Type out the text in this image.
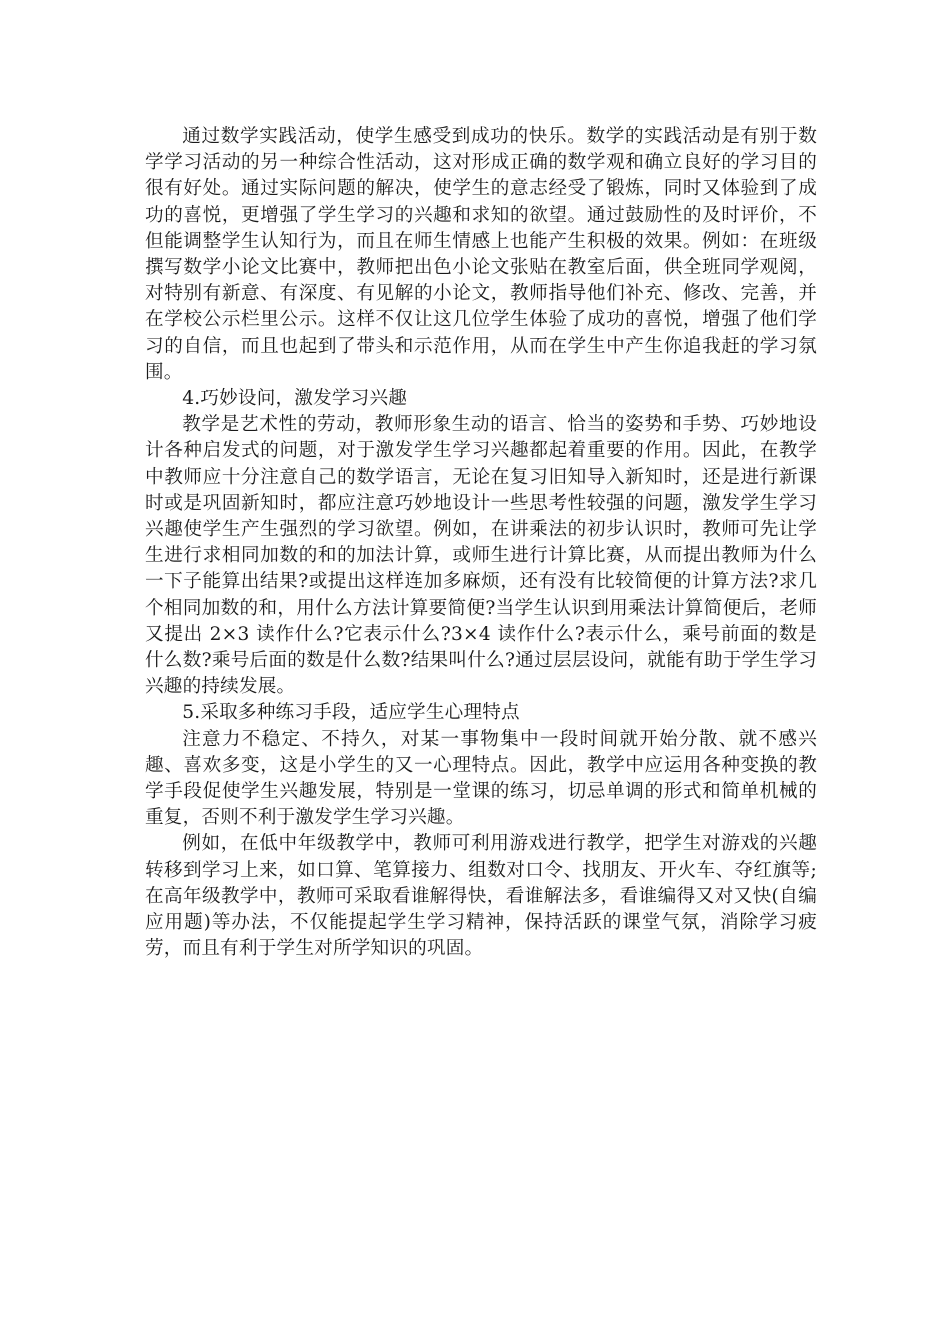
通过数学实践活动，使学生感受到成功的快乐。数学的实践活动是有别于数学学习活动的另一种综合性活动，这对形成正确的数学观和确立良好的学习目的很有好处。通过实际问题的解决，使学生的意志经受了锻炼，同时又体验到了成功的喜悦，更增强了学生学习的兴趣和求知的欲望。通过鼓励性的及时评价，不但能调整学生认知行为，而且在师生情感上也能产生积极的效果。例如：在班级撰写数学小论文比赛中，教师把出色小论文张贴在教室后面，供全班同学观阅，对特别有新意、有深度、有见解的小论文，教师指导他们补充、修改、完善，并在学校公示栏里公示。这样不仅让这几位学生体验了成功的喜悦，增强了他们学习的自信，而且也起到了带头和示范作用，从而在学生中产生你追我赶的学习氛围。

4.巧妙设问，激发学习兴趣

教学是艺术性的劳动，教师形象生动的语言、恰当的姿势和手势、巧妙地设计各种启发式的问题，对于激发学生学习兴趣都起着重要的作用。因此，在教学中教师应十分注意自己的数学语言，无论在复习旧知导入新知时，还是进行新课时或是巩固新知时，都应注意巧妙地设计一些思考性较强的问题，激发学生学习兴趣使学生产生强烈的学习欲望。例如，在讲乘法的初步认识时，教师可先让学生进行求相同加数的和的加法计算，或师生进行计算比赛，从而提出教师为什么一下子能算出结果?或提出这样连加多麻烦，还有没有比较简便的计算方法?求几个相同加数的和，用什么方法计算要简便?当学生认识到用乘法计算简便后，老师又提出 2×3 读作什么?它表示什么?3×4 读作什么?表示什么，乘号前面的数是什么数?乘号后面的数是什么数?结果叫什么?通过层层设问，就能有助于学生学习兴趣的持续发展。

5.采取多种练习手段，适应学生心理特点

注意力不稳定、不持久，对某一事物集中一段时间就开始分散、就不感兴趣、喜欢多变，这是小学生的又一心理特点。因此，教学中应运用各种变换的教学手段促使学生兴趣发展，特别是一堂课的练习，切忌单调的形式和简单机械的重复，否则不利于激发学生学习兴趣。

例如，在低中年级教学中，教师可利用游戏进行教学，把学生对游戏的兴趣转移到学习上来，如口算、笔算接力、组数对口令、找朋友、开火车、夺红旗等;在高年级教学中，教师可采取看谁解得快，看谁解法多，看谁编得又对又快(自编应用题)等办法，不仅能提起学生学习精神，保持活跃的课堂气氛，消除学习疲劳，而且有利于学生对所学知识的巩固。
